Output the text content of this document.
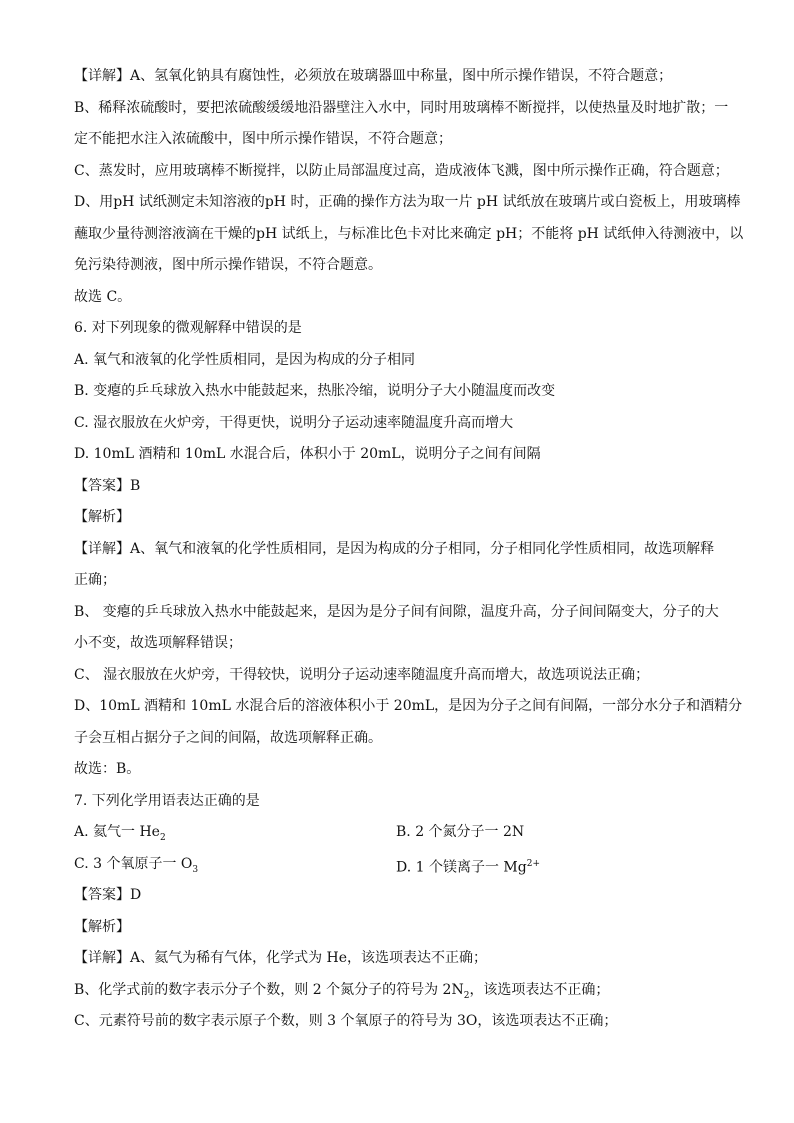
【详解】A、氢氧化钠具有腐蚀性，必须放在玻璃器皿中称量，图中所示操作错误，不符合题意；
B、稀释浓硫酸时，要把浓硫酸缓缓地沿器壁注入水中，同时用玻璃棒不断搅拌，以使热量及时地扩散；一
定不能把水注入浓硫酸中，图中所示操作错误，不符合题意；
C、蒸发时，应用玻璃棒不断搅拌，以防止局部温度过高，造成液体飞溅，图中所示操作正确，符合题意；
D、用pH 试纸测定未知溶液的pH 时，正确的操作方法为取一片 pH 试纸放在玻璃片或白瓷板上，用玻璃棒
蘸取少量待测溶液滴在干燥的pH 试纸上，与标准比色卡对比来确定 pH；不能将 pH 试纸伸入待测液中，以
免污染待测液，图中所示操作错误，不符合题意。
故选 C。
6. 对下列现象的微观解释中错误的是
A. 氧气和液氧的化学性质相同，是因为构成的分子相同
B. 变瘪的乒乓球放入热水中能鼓起来，热胀冷缩，说明分子大小随温度而改变
C. 湿衣服放在火炉旁，干得更快，说明分子运动速率随温度升高而增大
D. 10mL 酒精和 10mL 水混合后，体积小于 20mL，说明分子之间有间隔
【答案】B
【解析】
【详解】A、氧气和液氧的化学性质相同，是因为构成的分子相同，分子相同化学性质相同，故选项解释
正确；
B、 变瘪的乒乓球放入热水中能鼓起来，是因为是分子间有间隙，温度升高，分子间间隔变大，分子的大
小不变，故选项解释错误；
C、 湿衣服放在火炉旁，干得较快，说明分子运动速率随温度升高而增大，故选项说法正确；
D、10mL 酒精和 10mL 水混合后的溶液体积小于 20mL，是因为分子之间有间隔，一部分水分子和酒精分
子会互相占据分子之间的间隔，故选项解释正确。
故选：B。
7. 下列化学用语表达正确的是
A. 氦气一 $He_2$	B. 2 个氮分子一 2N
C. 3 个氧原子一 $O_3$	D. 1 个镁离子一 $Mg^{2+}$
【答案】D
【解析】
【详解】A、氦气为稀有气体，化学式为 He，该选项表达不正确；
B、化学式前的数字表示分子个数，则 2 个氮分子的符号为 $2N_2$，该选项表达不正确；
C、元素符号前的数字表示原子个数，则 3 个氧原子的符号为 3O，该选项表达不正确；
